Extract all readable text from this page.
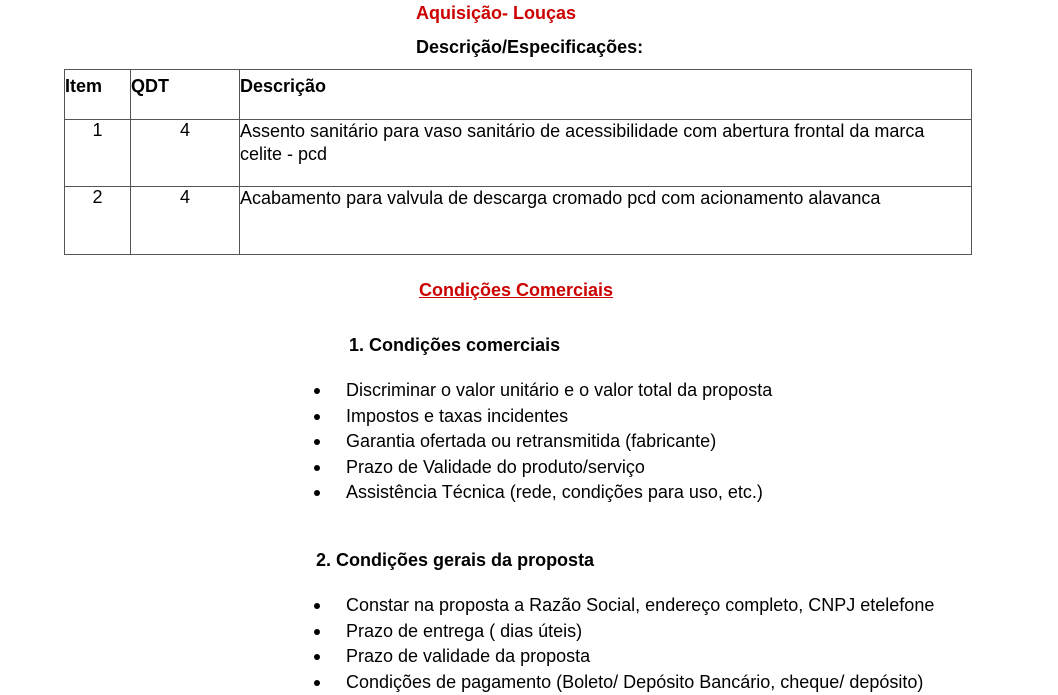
Aquisição- Louças
Descrição/Especificações:
Item	QDT	Descrição
1	4	Assento sanitário para vaso sanitário de acessibilidade com abertura frontal da marca celite - pcd
2	4	Acabamento para valvula de descarga cromado pcd com acionamento alavanca
Condições Comerciais
1. Condições comerciais
Discriminar o valor unitário e o valor total da proposta
Impostos e taxas incidentes
Garantia ofertada ou retransmitida (fabricante)
Prazo de Validade do produto/serviço
Assistência Técnica (rede, condições para uso, etc.)
2. Condições gerais da proposta
Constar na proposta a Razão Social, endereço completo, CNPJ etelefone
Prazo de entrega ( dias úteis)
Prazo de validade da proposta
Condições de pagamento (Boleto/ Depósito Bancário, cheque/ depósito)
